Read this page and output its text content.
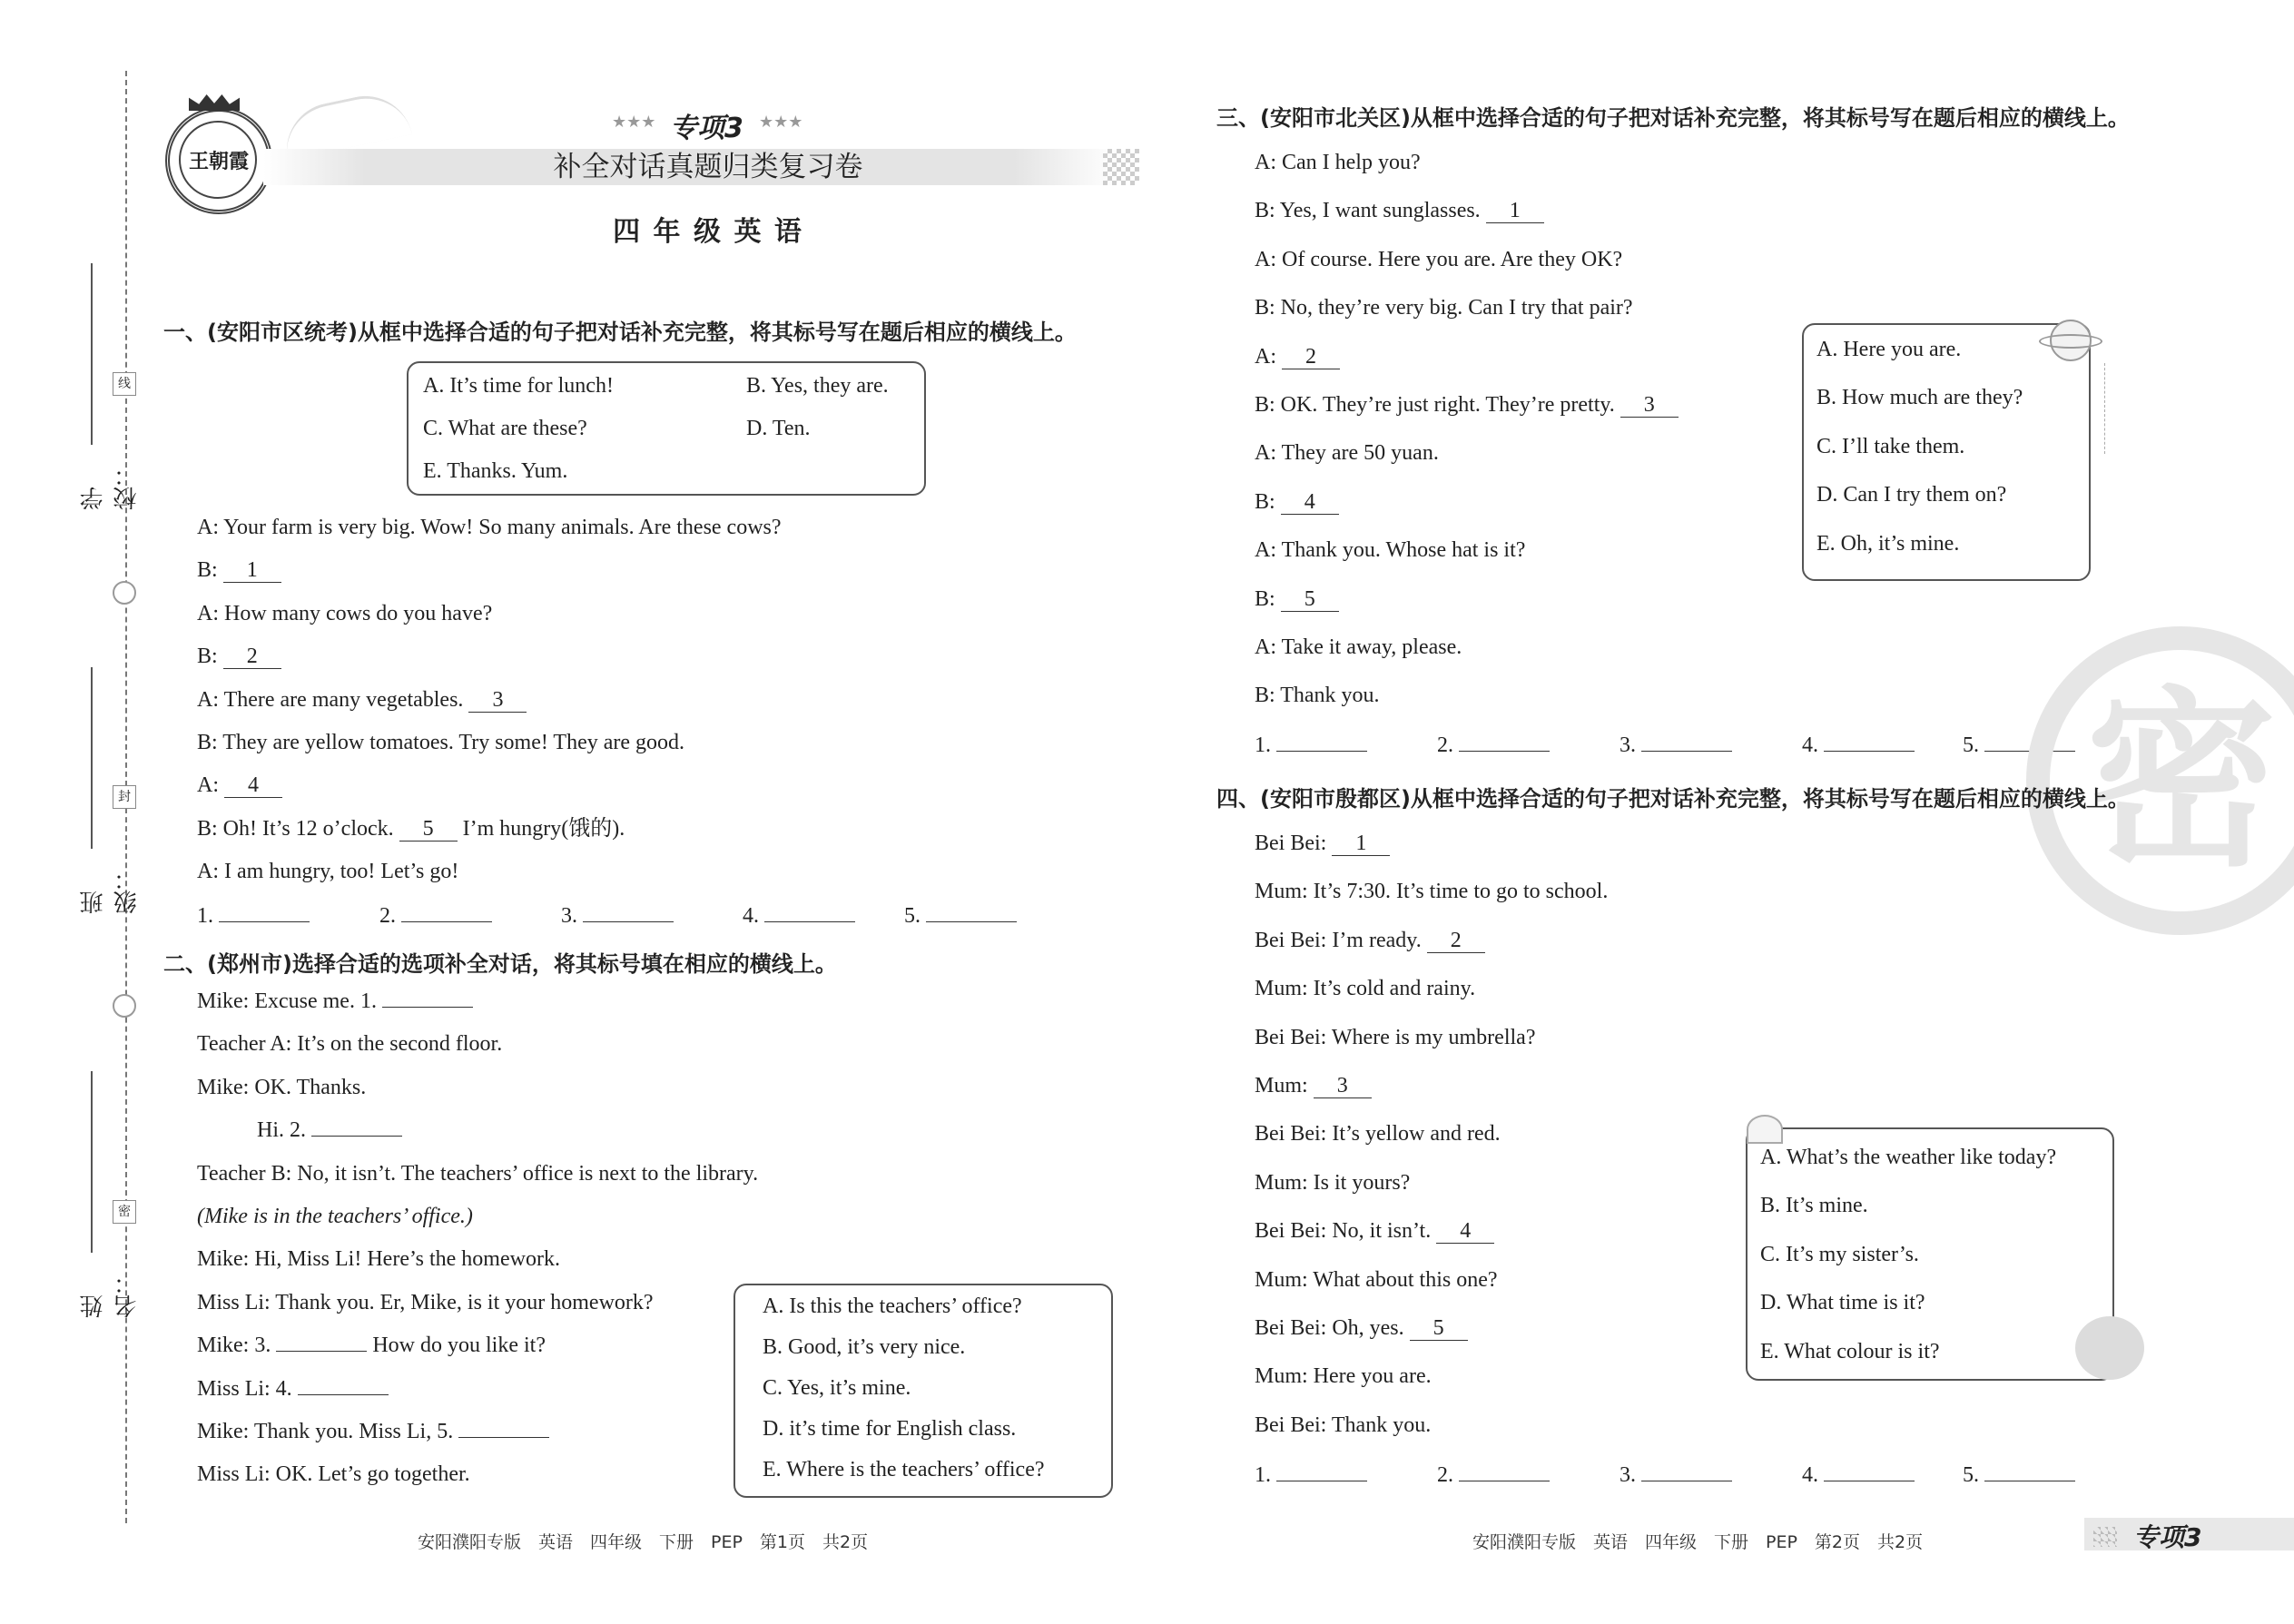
学校：
班级：
姓名：
线
封
密
王朝霞
★★★ 专项3 ★★★
补全对话真题归类复习卷
四 年 级 英 语
一、(安阳市区统考)从框中选择合适的句子把对话补充完整，将其标号写在题后相应的横线上。
A. It’s time for lunch!	B. Yes, they are.
C. What are these?	D. Ten.
E. Thanks. Yum.
A: Your farm is very big. Wow! So many animals. Are these cows?
B: 1
A: How many cows do you have?
B: 2
A: There are many vegetables. 3
B: They are yellow tomatoes. Try some! They are good.
A: 4
B: Oh! It’s 12 o’clock. 5 I’m hungry(饿的).
A: I am hungry, too! Let’s go!
1.	2.	3.	4.	5.
二、(郑州市)选择合适的选项补全对话，将其标号填在相应的横线上。
Mike: Excuse me. 1.
Teacher A: It’s on the second floor.
Mike: OK. Thanks.
Hi. 2.
Teacher B: No, it isn’t. The teachers’ office is next to the library.
(Mike is in the teachers’ office.)
Mike: Hi, Miss Li! Here’s the homework.
Miss Li: Thank you. Er, Mike, is it your homework?
Mike: 3.	How do you like it?
Miss Li: 4.
Mike: Thank you. Miss Li, 5.
Miss Li: OK. Let’s go together.
A. Is this the teachers’ office?
B. Good, it’s very nice.
C. Yes, it’s mine.
D. it’s time for English class.
E. Where is the teachers’ office?
三、(安阳市北关区)从框中选择合适的句子把对话补充完整，将其标号写在题后相应的横线上。
A: Can I help you?
B: Yes, I want sunglasses. 1
A: Of course. Here you are. Are they OK?
B: No, they’re very big. Can I try that pair?
A: 2
B: OK. They’re just right. They’re pretty. 3
A: They are 50 yuan.
B: 4
A: Thank you. Whose hat is it?
B: 5
A: Take it away, please.
B: Thank you.
A. Here you are.
B. How much are they?
C. I’ll take them.
D. Can I try them on?
E. Oh, it’s mine.
1.	2.	3.	4.	5. 密
四、(安阳市殷都区)从框中选择合适的句子把对话补充完整，将其标号写在题后相应的横线上。
Bei Bei: 1
Mum: It’s 7:30. It’s time to go to school.
Bei Bei: I’m ready. 2
Mum: It’s cold and rainy.
Bei Bei: Where is my umbrella?
Mum: 3
Bei Bei: It’s yellow and red.
Mum: Is it yours?
Bei Bei: No, it isn’t. 4
Mum: What about this one?
Bei Bei: Oh, yes. 5
Mum: Here you are.
Bei Bei: Thank you.
A. What’s the weather like today?
B. It’s mine.
C. It’s my sister’s.
D. What time is it?
E. What colour is it?
1.	2.	3.	4.	5.
安阳濮阳专版　英语　四年级　下册　PEP　第1页　共2页	安阳濮阳专版　英语　四年级　下册　PEP　第2页　共2页	专项3
